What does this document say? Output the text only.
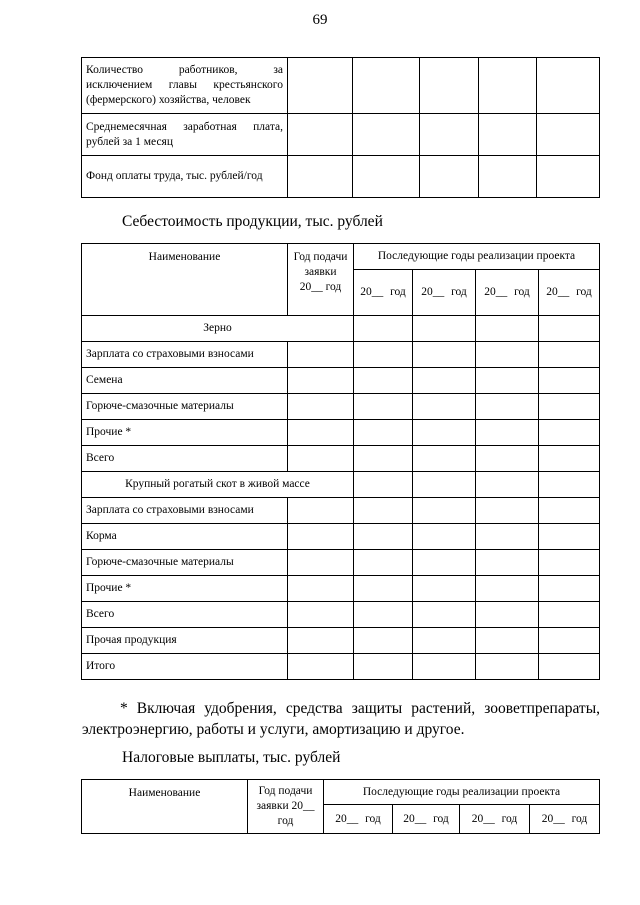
69
Количество работников, за исключением главы крестьянского (фермерского) хозяйства, человек					
Среднемесячная заработная плата, рублей за 1 месяц					
Фонд оплаты труда, тыс. рублей/год					
Себестоимость продукции, тыс. рублей
Наименование	Год подачи заявки 20__ год	Последующие годы реализации проекта			
		20__ год	20__ год	20__ год	20__ год
Зерно					
Зарплата со страховыми взносами					
Семена					
Горюче-смазочные материалы					
Прочие *					
Всего					
Крупный рогатый скот в живой массе					
Зарплата со страховыми взносами					
Корма					
Горюче-смазочные материалы					
Прочие *					
Всего					
Прочая продукция					
Итого					
* Включая удобрения, средства защиты растений, зооветпрепараты, электроэнергию, работы и услуги, амортизацию и другое.
Налоговые выплаты, тыс. рублей
Наименование	Год подачи заявки 20__ год	Последующие годы реализации проекта			
		20__ год	20__ год	20__ год	20__ год
